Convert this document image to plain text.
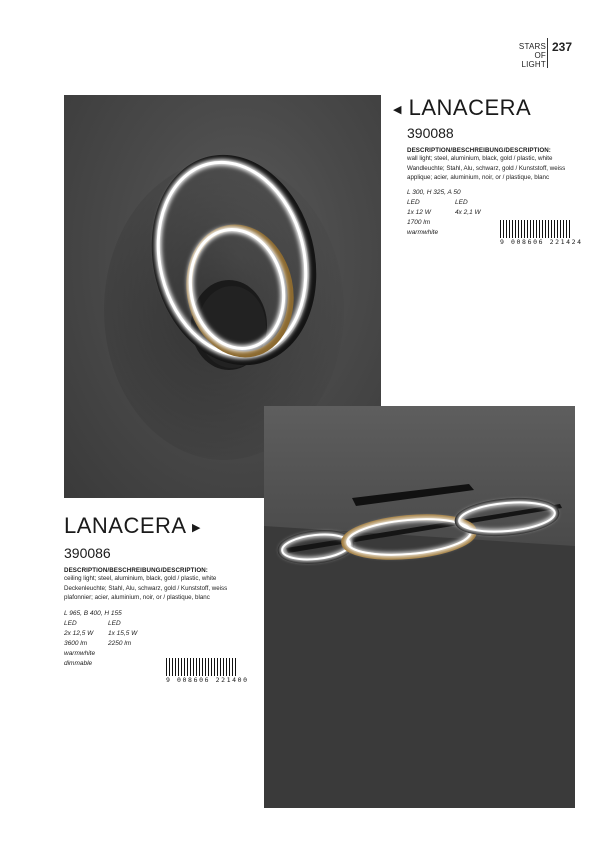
STARS
OF
LIGHT
237
◀ LANACERA
390088
DESCRIPTION/BESCHREIBUNG/DESCRIPTION:
wall light; steel, aluminium, black, gold / plastic, white
Wandleuchte; Stahl, Alu, schwarz, gold / Kunststoff, weiss
applique; acier, aluminium, noir, or / plastique, blanc
L 300, H 325, A 50
LED	LED
1x 12 W	4x 2,1 W
1700 lm
warmwhite
9 008606 221424
LANACERA ▶
390086
DESCRIPTION/BESCHREIBUNG/DESCRIPTION:
ceiling light; steel, aluminium, black, gold / plastic, white
Deckenleuchte; Stahl, Alu, schwarz, gold / Kunststoff, weiss
plafonnier; acier, aluminium, noir, or / plastique, blanc
L 965, B 400, H 155
LED	LED
2x 12,5 W	1x 15,5 W
3600 lm	2250 lm
warmwhite
dimmable
9 008606 221400
